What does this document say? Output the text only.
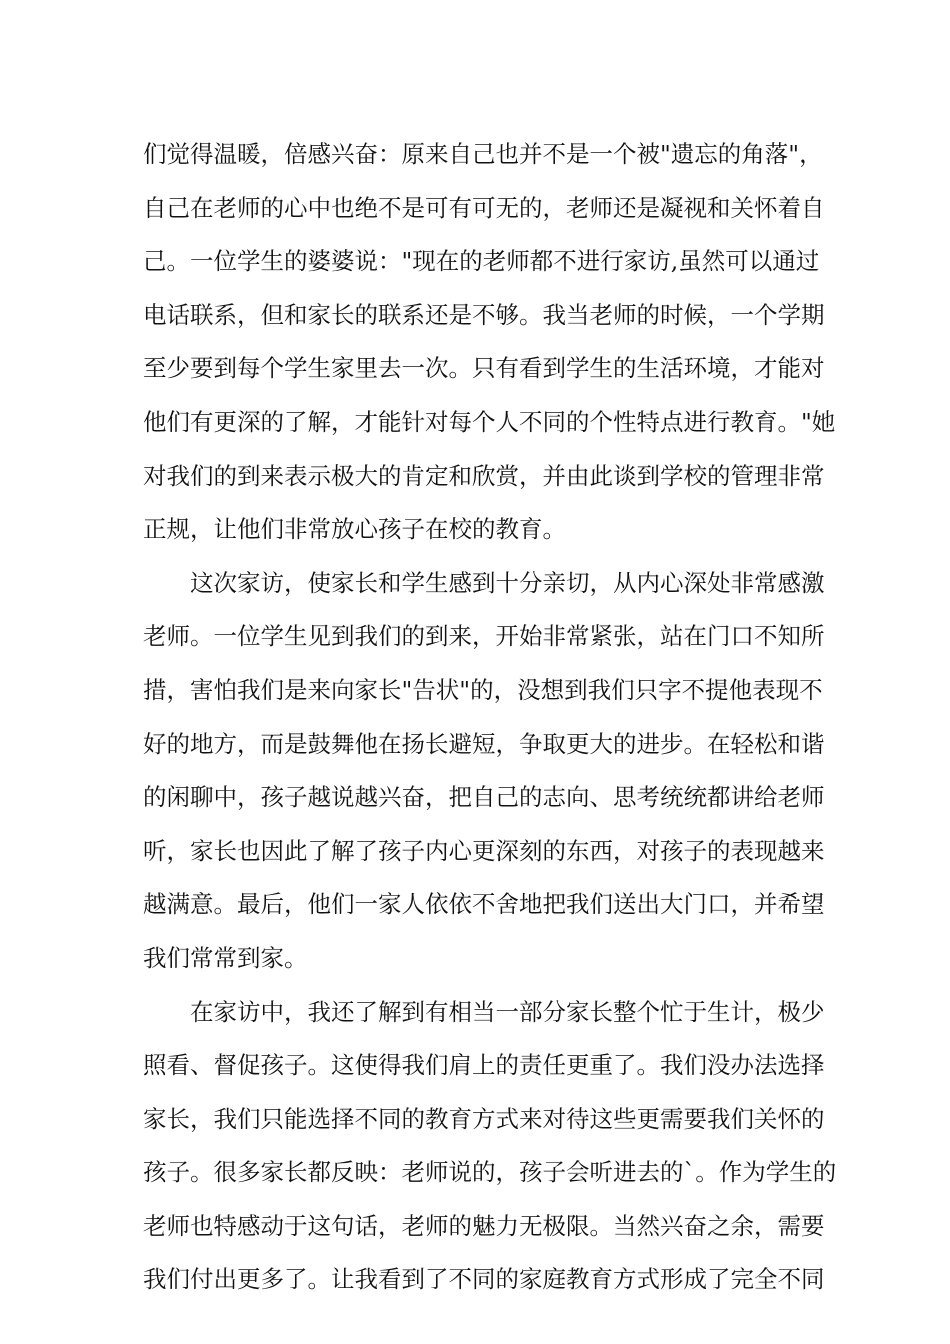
们觉得温暖，倍感兴奋：原来自己也并不是一个被"遗忘的角落"，
自己在老师的心中也绝不是可有可无的，老师还是凝视和关怀着自
己。一位学生的婆婆说："现在的老师都不进行家访,虽然可以通过
电话联系，但和家长的联系还是不够。我当老师的时候，一个学期
至少要到每个学生家里去一次。只有看到学生的生活环境，才能对
他们有更深的了解，才能针对每个人不同的个性特点进行教育。"她
对我们的到来表示极大的肯定和欣赏，并由此谈到学校的管理非常
正规，让他们非常放心孩子在校的教育。
这次家访，使家长和学生感到十分亲切，从内心深处非常感激
老师。一位学生见到我们的到来，开始非常紧张，站在门口不知所
措，害怕我们是来向家长"告状"的，没想到我们只字不提他表现不
好的地方，而是鼓舞他在扬长避短，争取更大的进步。在轻松和谐
的闲聊中，孩子越说越兴奋，把自己的志向、思考统统都讲给老师
听，家长也因此了解了孩子内心更深刻的东西，对孩子的表现越来
越满意。最后，他们一家人依依不舍地把我们送出大门口，并希望
我们常常到家。
在家访中，我还了解到有相当一部分家长整个忙于生计，极少
照看、督促孩子。这使得我们肩上的责任更重了。我们没办法选择
家长，我们只能选择不同的教育方式来对待这些更需要我们关怀的
孩子。很多家长都反映：老师说的，孩子会听进去的`。作为学生的
老师也特感动于这句话，老师的魅力无极限。当然兴奋之余，需要
我们付出更多了。让我看到了不同的家庭教育方式形成了完全不同
